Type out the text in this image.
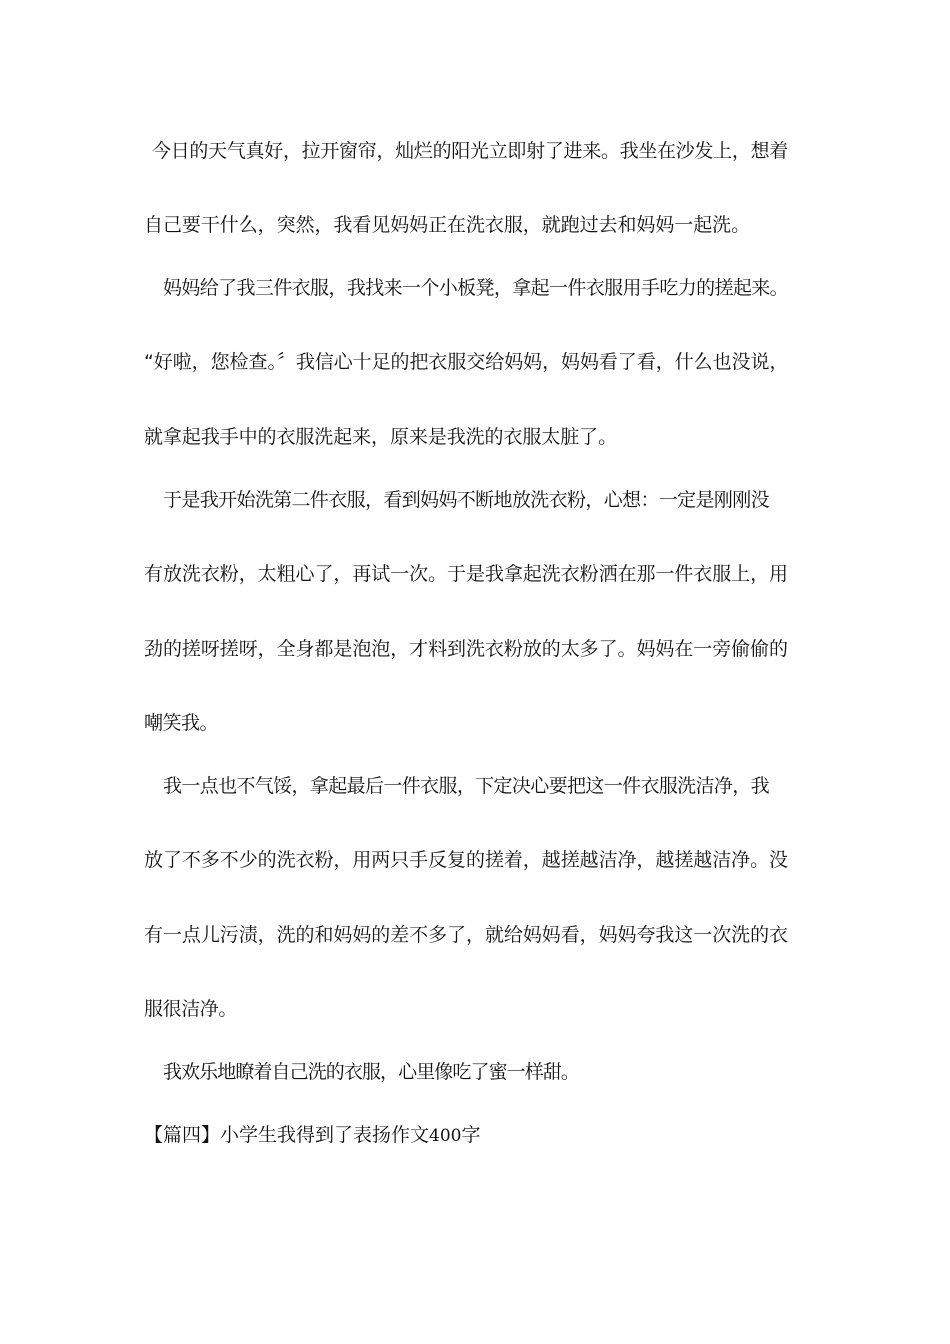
今日的天气真好，拉开窗帘，灿烂的阳光立即射了进来。我坐在沙发上，想着
自己要干什么，突然，我看见妈妈正在洗衣服，就跑过去和妈妈一起洗。
妈妈给了我三件衣服，我找来一个小板凳，拿起一件衣服用手吃力的搓起来。
“好啦，您检查。〞我信心十足的把衣服交给妈妈，妈妈看了看，什么也没说，
就拿起我手中的衣服洗起来，原来是我洗的衣服太脏了。
于是我开始洗第二件衣服，看到妈妈不断地放洗衣粉，心想：一定是刚刚没
有放洗衣粉，太粗心了，再试一次。于是我拿起洗衣粉洒在那一件衣服上，用
劲的搓呀搓呀，全身都是泡泡，才料到洗衣粉放的太多了。妈妈在一旁偷偷的
嘲笑我。
我一点也不气馁，拿起最后一件衣服，下定决心要把这一件衣服洗洁净，我
放了不多不少的洗衣粉，用两只手反复的搓着，越搓越洁净，越搓越洁净。没
有一点儿污渍，洗的和妈妈的差不多了，就给妈妈看，妈妈夸我这一次洗的衣
服很洁净。
我欢乐地瞭着自己洗的衣服，心里像吃了蜜一样甜。
【篇四】小学生我得到了表扬作文400字
